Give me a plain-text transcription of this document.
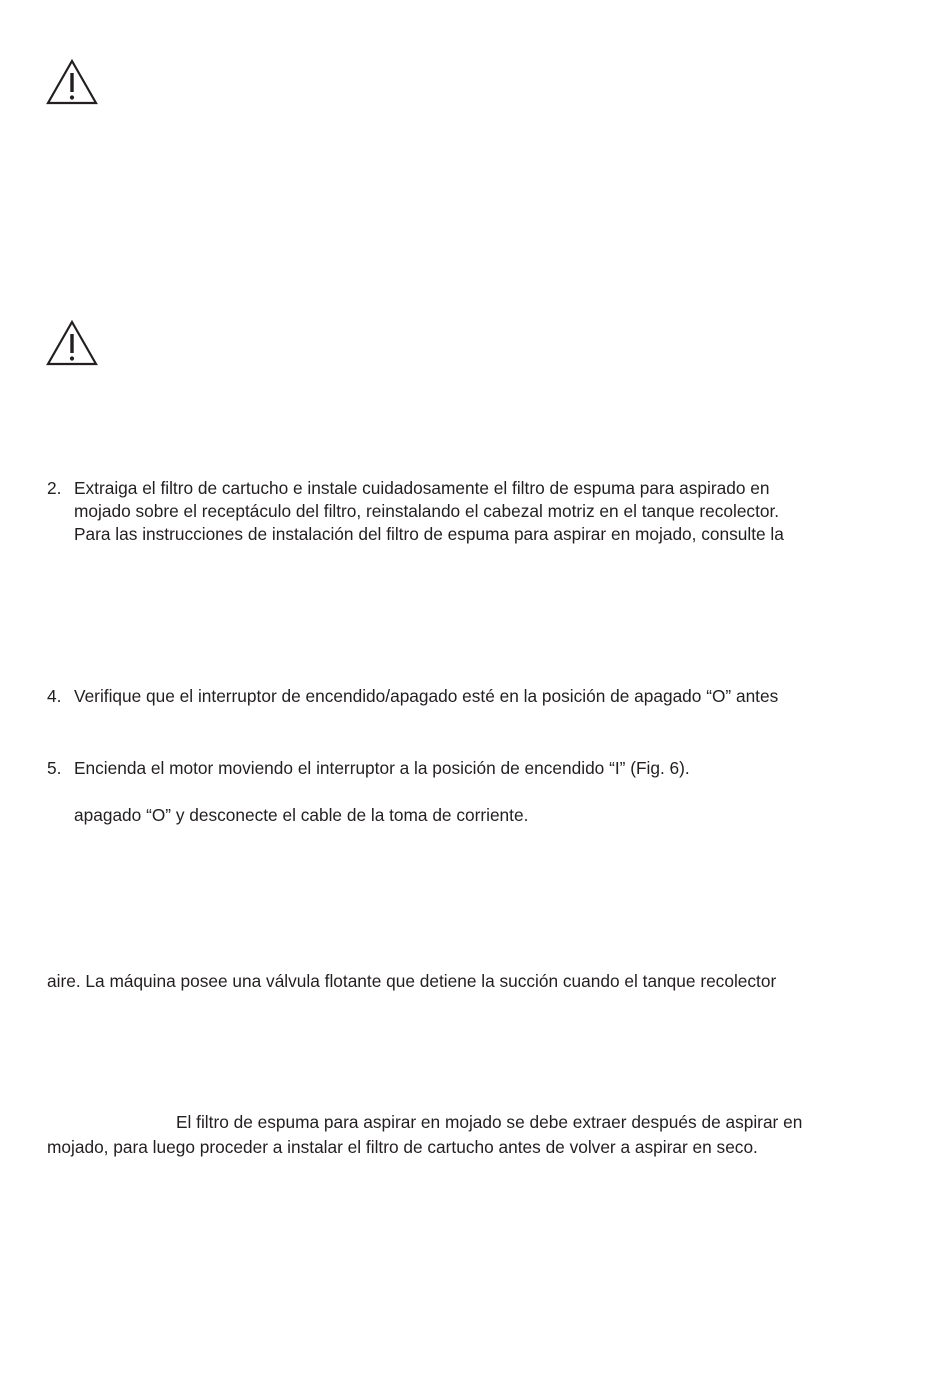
2. Extraiga el filtro de cartucho e instale cuidadosamente el filtro de espuma para aspirado en
mojado sobre el receptáculo del filtro, reinstalando el cabezal motriz en el tanque recolector.
Para las instrucciones de instalación del filtro de espuma para aspirar en mojado, consulte la
4. Verifique que el interruptor de encendido/apagado esté en la posición de apagado “O” antes
5. Encienda el motor moviendo el interruptor a la posición de encendido “I” (Fig. 6).
apagado “O” y desconecte el cable de la toma de corriente.
aire. La máquina posee una válvula flotante que detiene la succión cuando el tanque recolector
El filtro de espuma para aspirar en mojado se debe extraer después de aspirar en
mojado, para luego proceder a instalar el filtro de cartucho antes de volver a aspirar en seco.
